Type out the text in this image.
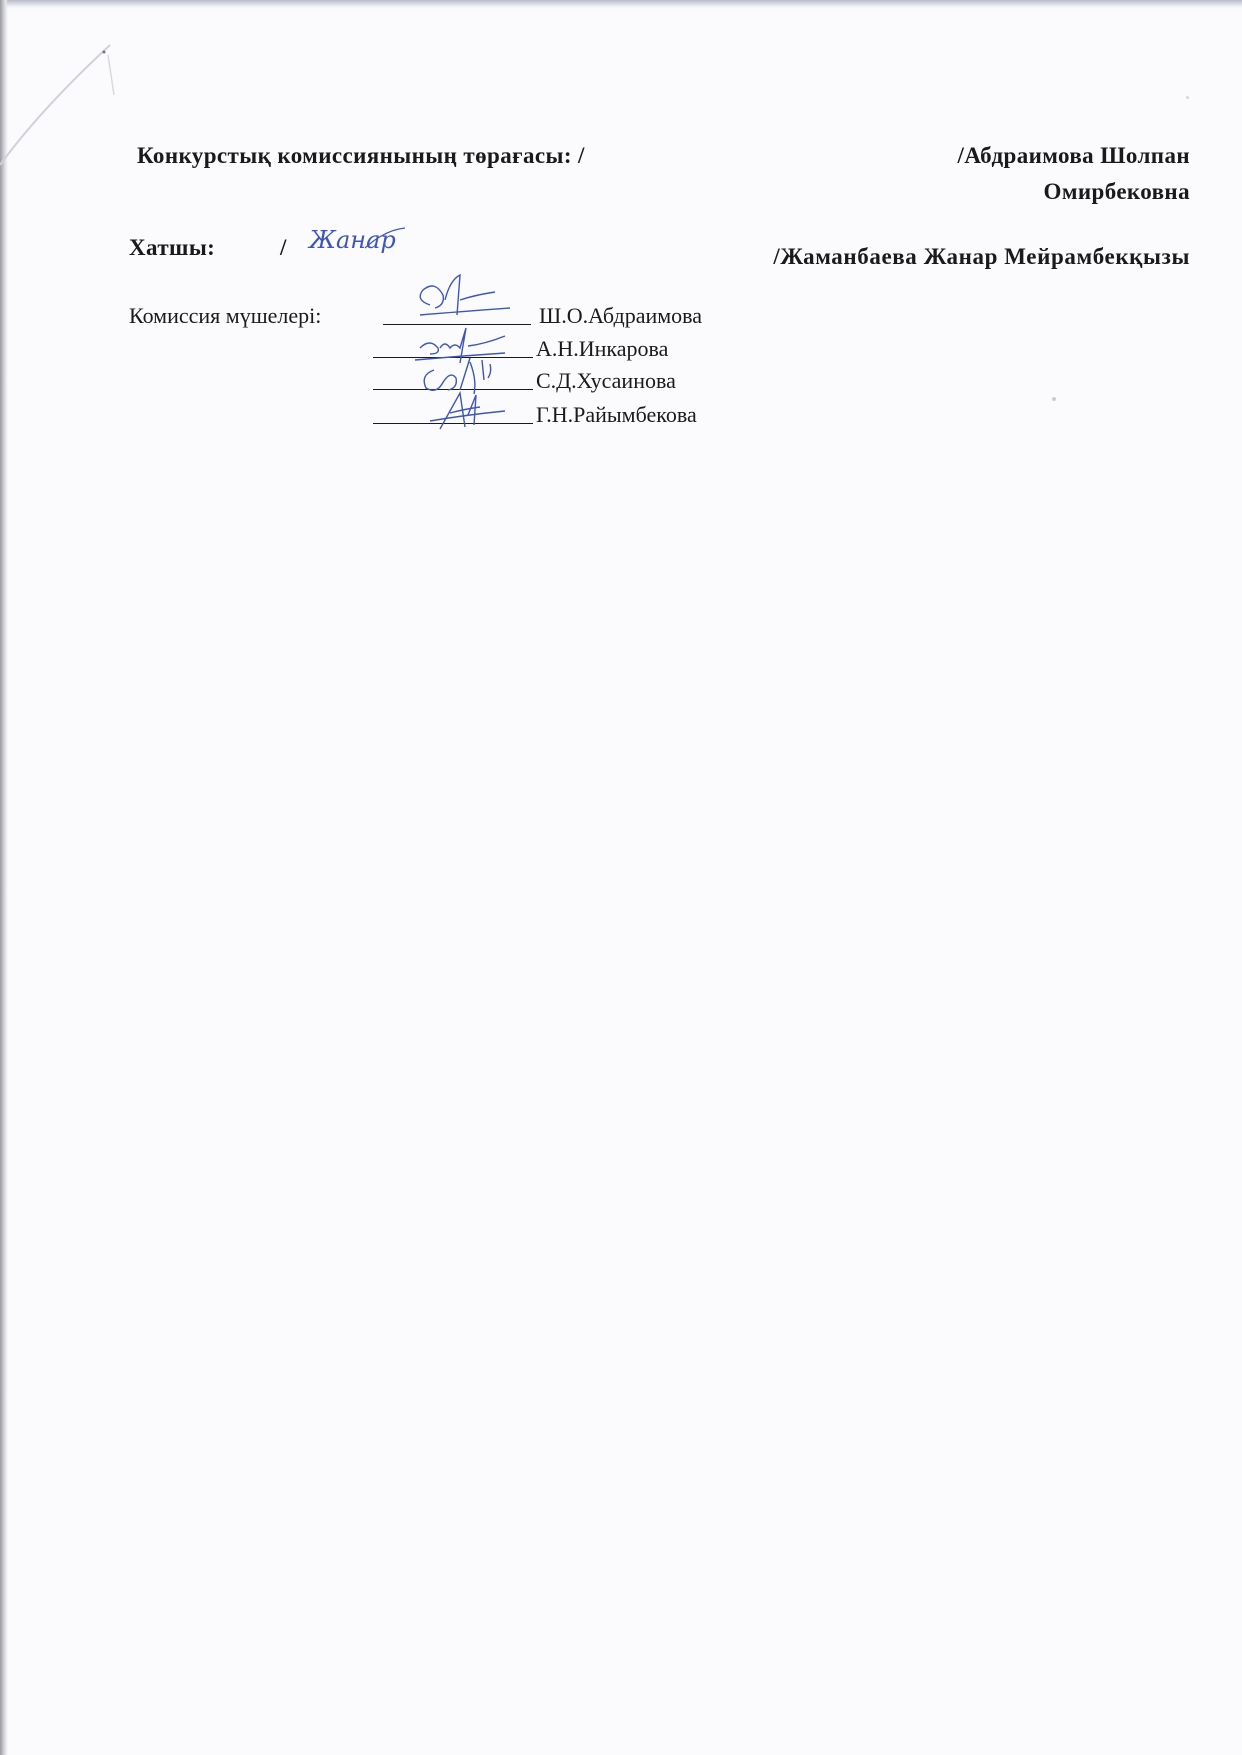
Конкурстық комиссиянының төрағасы: /	/Абдраимова Шолпан
Омирбековна
Хатшы:	/ Жанар
/Жаманбаева Жанар Мейрамбекқызы
Комиссия мүшелері:	Ш.О.Абдраимова
А.Н.Инкарова
С.Д.Хусаинова
Г.Н.Райымбекова
